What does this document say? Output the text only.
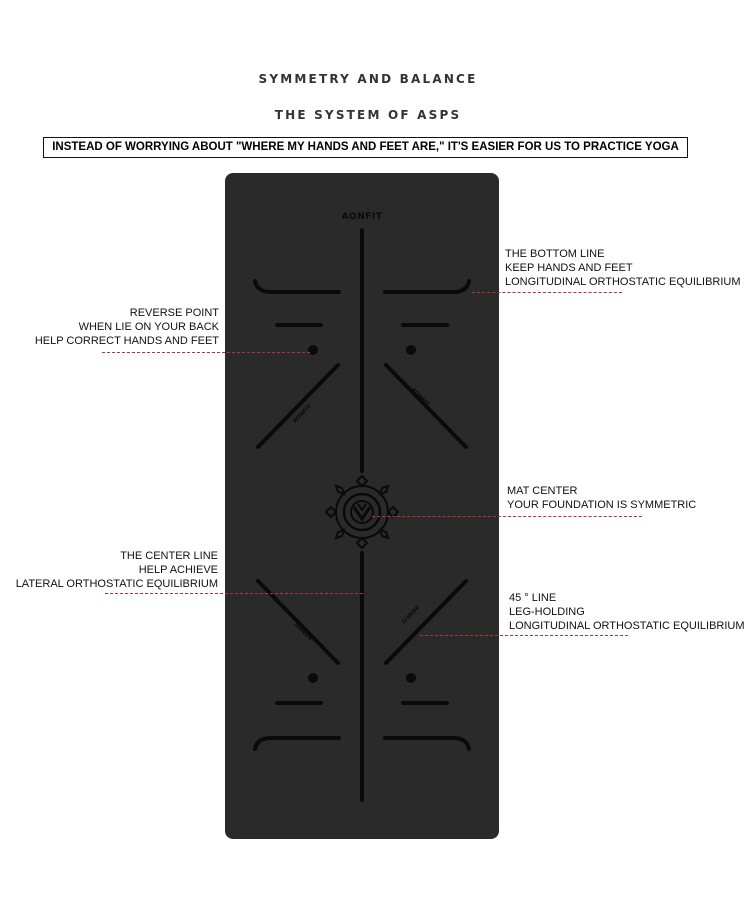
SYMMETRY AND BALANCE
THE SYSTEM OF ASPS
INSTEAD OF WORRYING ABOUT "WHERE MY HANDS AND FEET ARE," IT'S EASIER FOR US TO PRACTICE YOGA
AONFIT
AONFIT
AONFIT
AONFIT
AONFIT
THE BOTTOM LINE
KEEP HANDS AND FEET
LONGITUDINAL ORTHOSTATIC EQUILIBRIUM
REVERSE POINT
WHEN LIE ON YOUR BACK
HELP CORRECT HANDS AND FEET
MAT CENTER
YOUR FOUNDATION IS SYMMETRIC
THE CENTER LINE
HELP ACHIEVE
LATERAL ORTHOSTATIC EQUILIBRIUM
45 ° LINE
LEG-HOLDING
LONGITUDINAL ORTHOSTATIC EQUILIBRIUM
